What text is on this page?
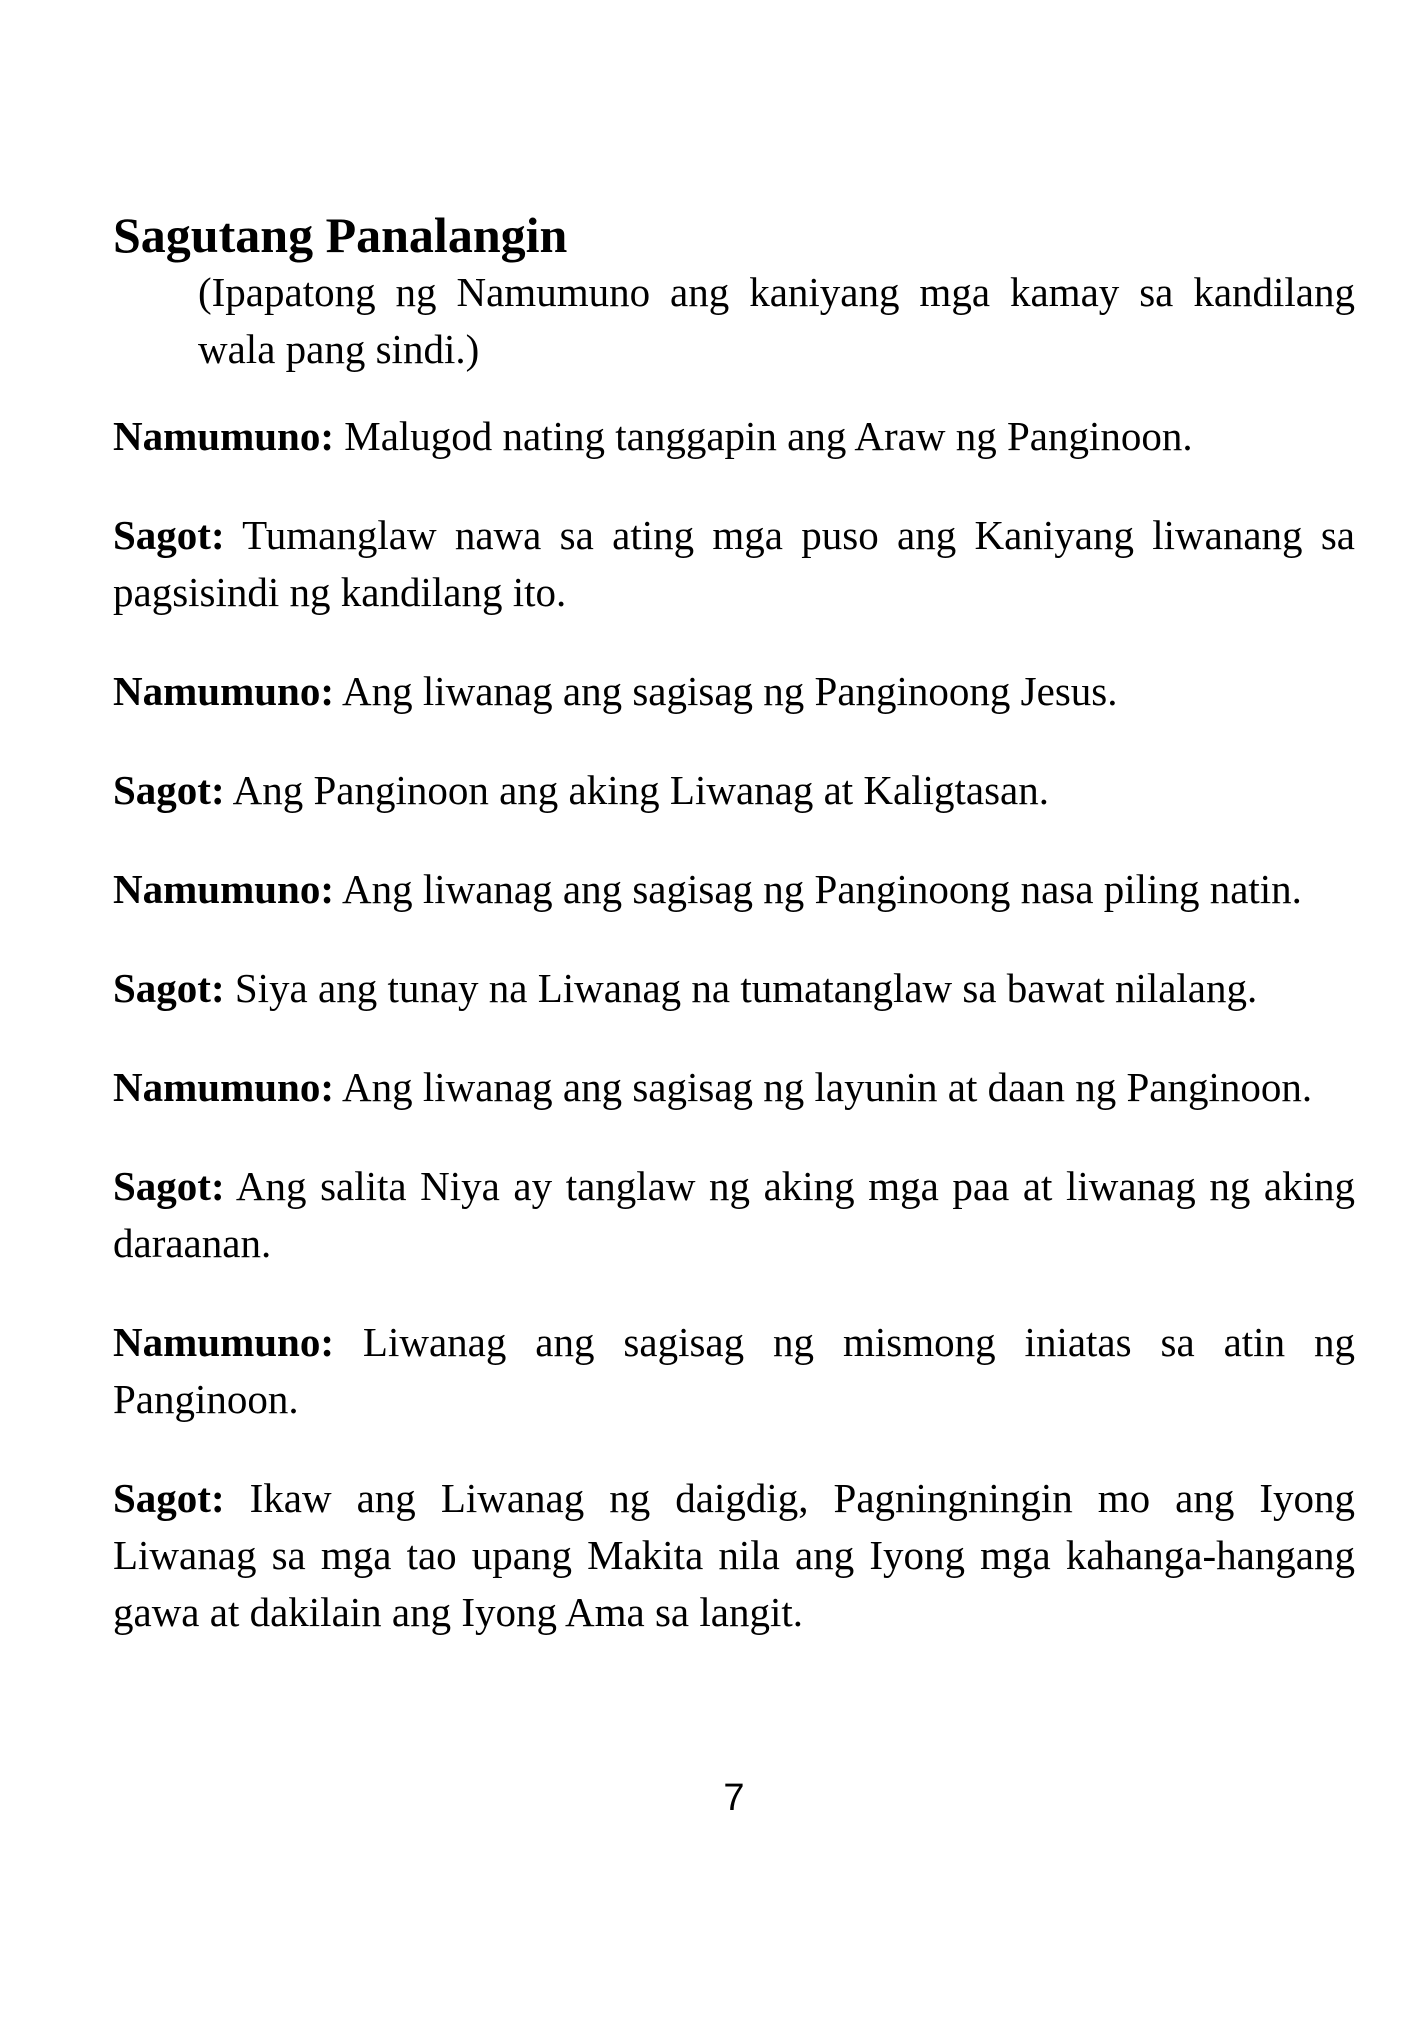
Sagutang Panalangin

(Ipapatong ng Namumuno ang kaniyang mga kamay sa kandilang wala pang sindi.)

Namumuno: Malugod nating tanggapin ang Araw ng Panginoon.

Sagot: Tumanglaw nawa sa ating mga puso ang Kaniyang liwanang sa pagsisindi ng kandilang ito.

Namumuno: Ang liwanag ang sagisag ng Panginoong Jesus.

Sagot: Ang Panginoon ang aking Liwanag at Kaligtasan.

Namumuno: Ang liwanag ang sagisag ng Panginoong nasa piling natin.

Sagot: Siya ang tunay na Liwanag na tumatanglaw sa bawat nilalang.

Namumuno: Ang liwanag ang sagisag ng layunin at daan ng Panginoon.

Sagot: Ang salita Niya ay tanglaw ng aking mga paa at liwanag ng aking daraanan.

Namumuno: Liwanag ang sagisag ng mismong iniatas sa atin ng Panginoon.

Sagot: Ikaw ang Liwanag ng daigdig, Pagningningin mo ang Iyong Liwanag sa mga tao upang Makita nila ang Iyong mga kahanga-hangang gawa at dakilain ang Iyong Ama sa langit.

7
